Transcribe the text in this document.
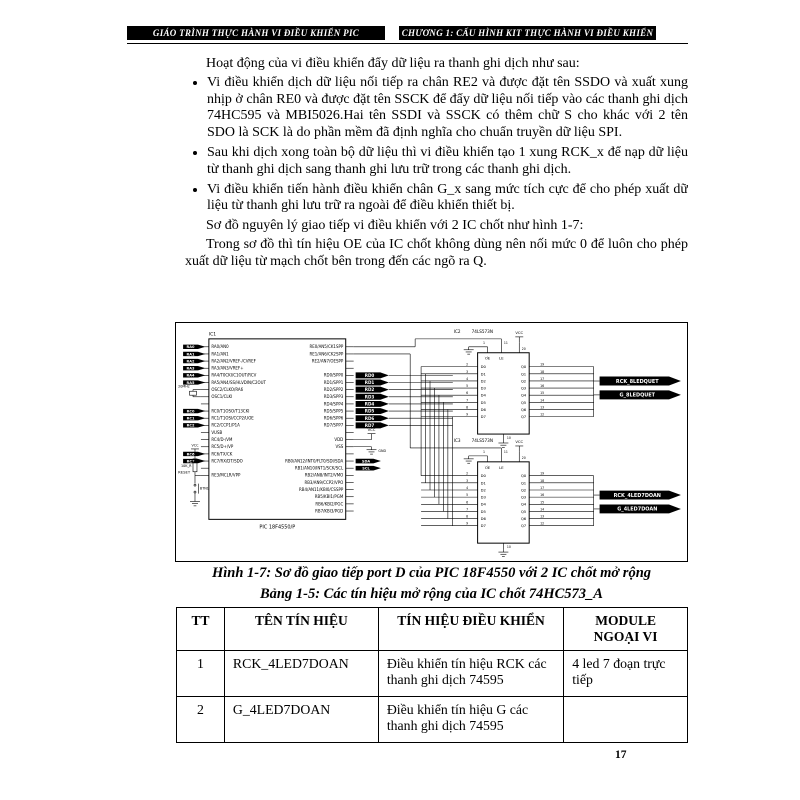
GIÁO TRÌNH THỰC HÀNH VI ĐIỀU KHIỂN PIC	CHƯƠNG 1: CẤU HÌNH KIT THỰC HÀNH VI ĐIỀU KHIỂN

Hoạt động của vi điều khiển đẩy dữ liệu ra thanh ghi dịch như sau:

• Vi điều khiển dịch dữ liệu nối tiếp ra chân RE2 và được đặt tên SSDO và xuất xung nhịp ở chân RE0 và được đặt tên SSCK để đẩy dữ liệu nối tiếp vào các thanh ghi dịch 74HC595 và MBI5026.Hai tên SSDI và SSCK có thêm chữ S cho khác với 2 tên SDO là SCK là do phần mềm đã định nghĩa cho chuẩn truyền dữ liệu SPI.
• Sau khi dịch xong toàn bộ dữ liệu thì vi điều khiển tạo 1 xung RCK_x để nạp dữ liệu từ thanh ghi dịch sang thanh ghi lưu trữ trong các thanh ghi dịch.
• Vi điều khiển tiến hành điều khiển chân G_x sang mức tích cực để cho phép xuất dữ liệu từ thanh ghi lưu trữ ra ngoài để điều khiển thiết bị.

Sơ đồ nguyên lý giao tiếp vi điều khiển với 2 IC chốt như hình 1-7:

Trong sơ đồ thì tín hiệu OE của IC chốt không dùng nên nối mức 0 để luôn cho phép xuất dữ liệu từ mạch chốt bên trong đến các ngõ ra Q.

IC1
PIC 18F4550/P
RA0/AN0
RA1/AN1
RA2/AN2/VREF-/CVREF
RA3/AN3/VREF+
RA4/T0CKI/C1OUT/RCV
RA5/AN4/SS/HLVDIN/C2OUT
OSC2/CLKO/RA6
OSC1/CLKI
RC0/T1OSO/T13CKI
RC1/T1OSI/CCP2/UOE
RC2/CCP1/P1A
VUSB
RC4/D-/VM
RC5/D+/VP
RC6/TX/CK
RC7/RX/DT/SDO
RE3/MCLR/VPP
RE0/AN5/CK1SPP
RE1/AN6/CK2SPP
RE2/AN7/OESPP
RD0/SPP0
RD1/SPP1
RD2/SPP2
RD3/SPP3
RD4/SPP4
RD5/SPP5
RD6/SPP6
RD7/SPP7
VDD
VSS
RB0/AN12/INT0/FLT0/SDI/SDA
RB1/AN10/INT1/SCK/SCL
RB2/AN8/INT2/VMO
RB3/AN9/CCP2/VPO
RB4/AN11/KBI0/CSSPP
RB5/KBI1/PGM
RB6/KBI2/PGC
RB7/KBI3/PGD
RA0
RA1
RA2
RA3
RA4
RA5
RC0
RC1
RC2
RC6
RC7
20MHz
VCC
10K_R
BTN1
RESET
VCC
GND
SDA
SCL
RD0
RD1
RD2
RD3
RD4
RD5
RD6
RD7
IC2	74LS573N
OE LE
1	11
VCC
20
10
D0
D1
D2
D3
D4
D5
D6
D7
Q0
Q1
Q2
Q3
Q4
Q5
Q6
Q7
2
3
4
5
6
7
8
9
19
18
17
16
15
14
13
12
RCK_8LEDQUET
G_8LEDQUET
IC3	74LS573N
OE LE
1	11
VCC
20
10
D0
D1
D2
D3
D4
D5
D6
D7
Q0
Q1
Q2
Q3
Q4
Q5
Q6
Q7
2
3
4
5
6
7
8
9
19
18
17
16
15
14
13
12
RCK_4LED7DOAN
G_4LED7DOAN
Hình 1-7: Sơ đồ giao tiếp port D của PIC 18F4550 với 2 IC chốt mở rộng
Bảng 1-5: Các tín hiệu mở rộng của IC chốt 74HC573_A
TT	TÊN TÍN HIỆU	TÍN HIỆU ĐIỀU KHIỂN	MODULE NGOẠI VI
1	RCK_4LED7DOAN	Điều khiển tín hiệu RCK các thanh ghi dịch 74595	4 led 7 đoạn trực tiếp
2	G_4LED7DOAN	Điều khiển tín hiệu G các thanh ghi dịch 74595	
17
